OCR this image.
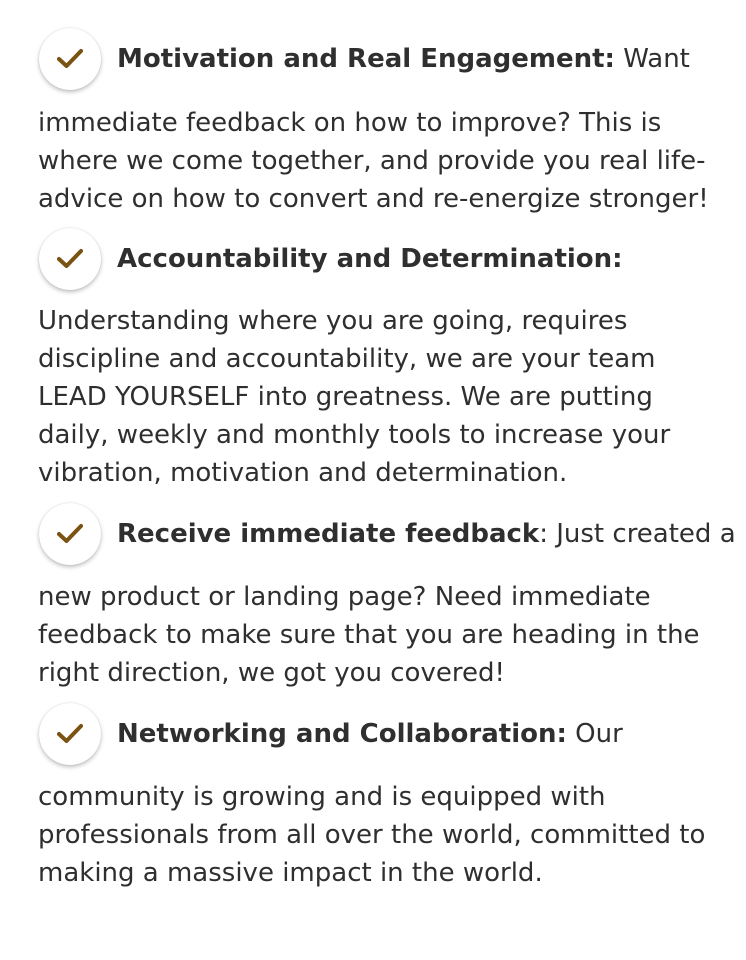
Motivation and Real Engagement: Want
immediate feedback on how to improve? This is
where we come together, and provide you real life-
advice on how to convert and re-energize stronger!
Accountability and Determination:
Understanding where you are going, requires
discipline and accountability, we are your team
LEAD YOURSELF into greatness. We are putting
daily, weekly and monthly tools to increase your
vibration, motivation and determination.
Receive immediate feedback: Just created a
new product or landing page? Need immediate
feedback to make sure that you are heading in the
right direction, we got you covered!
Networking and Collaboration: Our
community is growing and is equipped with
professionals from all over the world, committed to
making a massive impact in the world.
